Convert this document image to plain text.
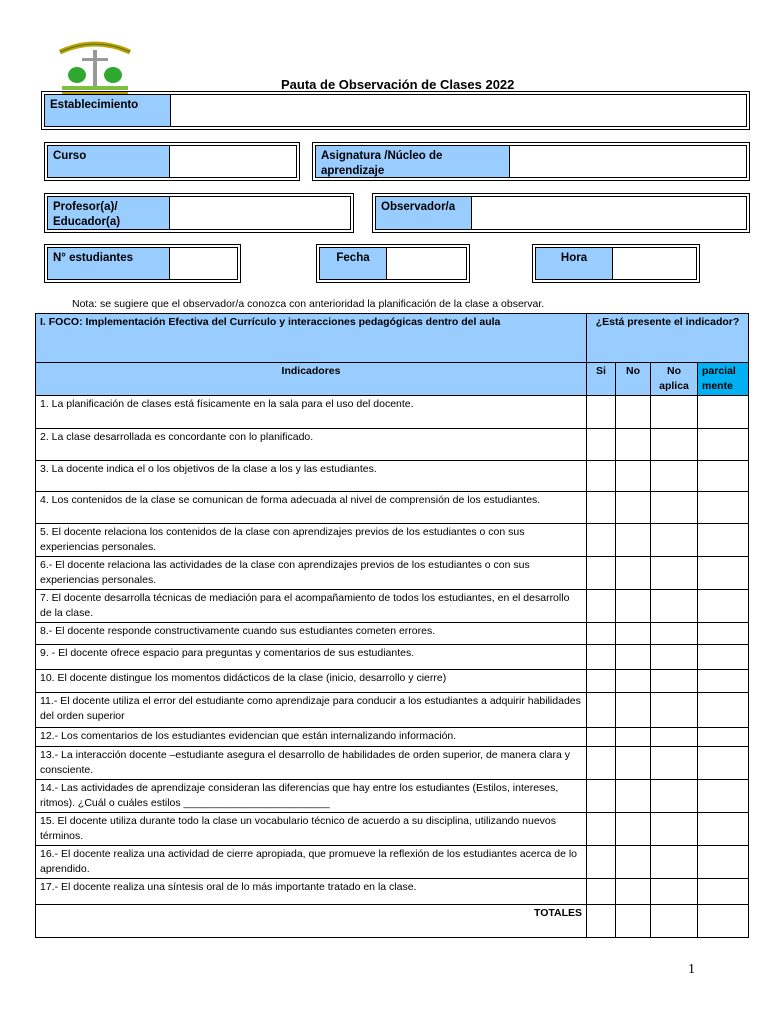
Pauta de Observación de Clases 2022
Establecimiento
Curso	Asignatura /Núcleo de aprendizaje
Profesor(a)/ Educador(a)
Observador/a
N° estudiantes	Fecha	Hora
Nota: se sugiere que el observador/a conozca con anterioridad la planificación de la clase a observar.
I. FOCO: Implementación Efectiva del Currículo y interacciones pedagógicas dentro del aula	¿Está presente el indicador?			
Indicadores	Si	No	No aplica	parcial mente
1. La planificación de clases está físicamente en la sala para el uso del docente.				
2. La clase desarrollada es concordante con lo planificado.				
3. La docente indica el o los objetivos de la clase a los y las estudiantes.				
4. Los contenidos de la clase se comunican de forma adecuada al nivel de comprensión de los estudiantes.				
5. El docente relaciona los contenidos de la clase con aprendizajes previos de los estudiantes o con sus experiencias personales.				
6.- El docente relaciona las actividades de la clase con aprendizajes previos de los estudiantes o con sus experiencias personales.				
7. El docente desarrolla técnicas de mediación para el acompañamiento de todos los estudiantes, en el desarrollo de la clase.				
8.- El docente responde constructivamente cuando sus estudiantes cometen errores.				
9. - El docente ofrece espacio para preguntas y comentarios de sus estudiantes.				
10. El docente distingue los momentos didácticos de la clase (inicio, desarrollo y cierre)				
11.- El docente utiliza el error del estudiante como aprendizaje para conducir a los estudiantes a adquirir habilidades del orden superior				
12.- Los comentarios de los estudiantes evidencian que están internalizando información.				
13.- La interacción docente –estudiante asegura el desarrollo de habilidades de orden superior, de manera clara y consciente.				
14.- Las actividades de aprendizaje consideran las diferencias que hay entre los estudiantes (Estilos, intereses, ritmos). ¿Cuál o cuáles estilos _________________________				
15. El docente utiliza durante todo la clase un vocabulario técnico de acuerdo a su disciplina, utilizando nuevos términos.				
16.- El docente realiza una actividad de cierre apropiada, que promueve la reflexión de los estudiantes acerca de lo aprendido.				
17.- El docente realiza una síntesis oral de lo más importante tratado en la clase.				
TOTALES				
1
